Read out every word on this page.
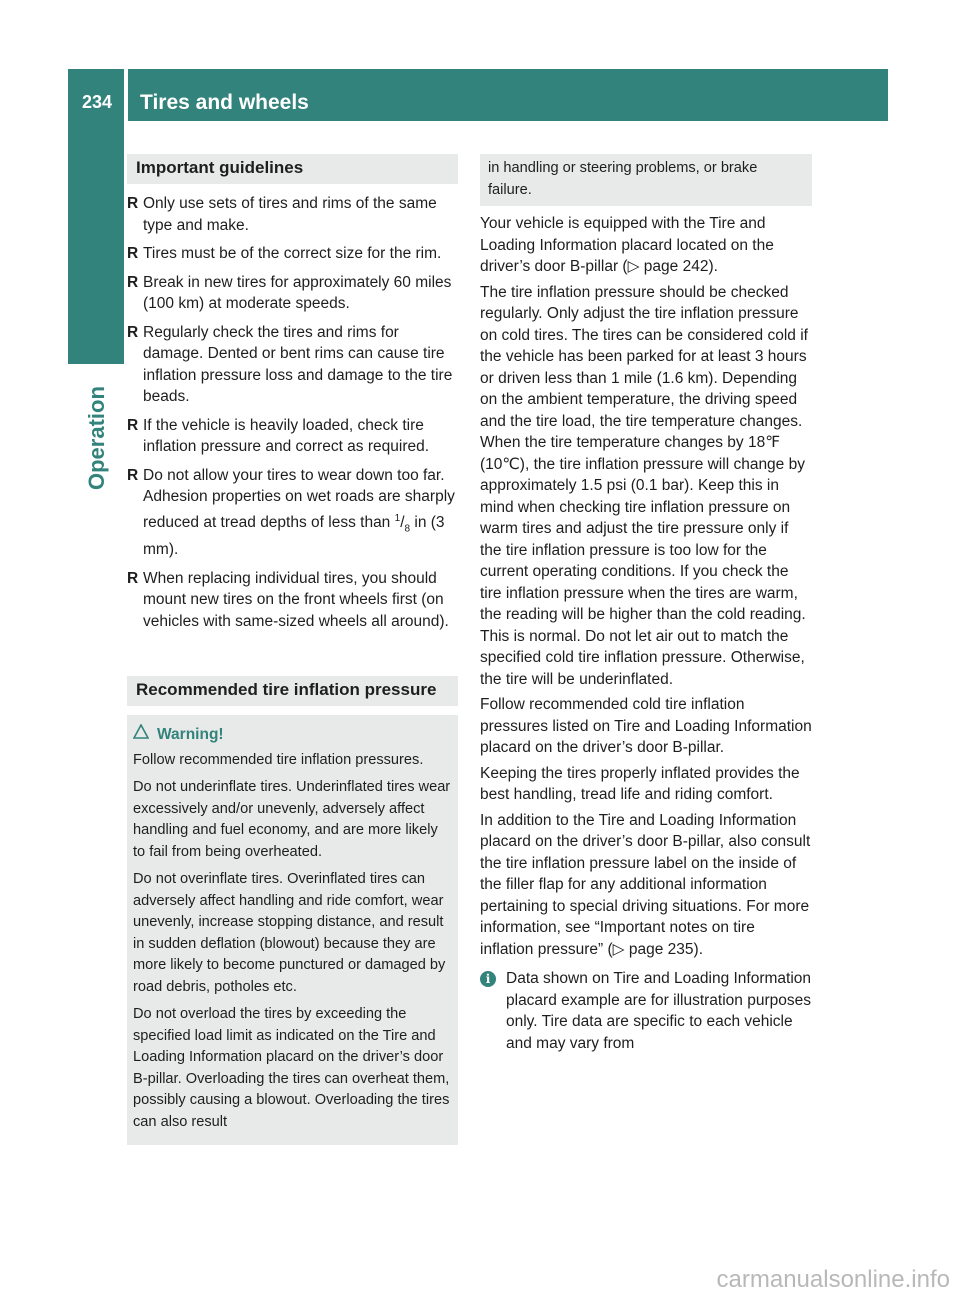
234 Tires and wheels
Operation
Important guidelines
R Only use sets of tires and rims of the same type and make.
R Tires must be of the correct size for the rim.
R Break in new tires for approximately 60 miles (100 km) at moderate speeds.
R Regularly check the tires and rims for damage. Dented or bent rims can cause tire inflation pressure loss and damage to the tire beads.
R If the vehicle is heavily loaded, check tire inflation pressure and correct as required.
R Do not allow your tires to wear down too far. Adhesion properties on wet roads are sharply reduced at tread depths of less than $^1/_8$ in (3 mm).
R When replacing individual tires, you should mount new tires on the front wheels first (on vehicles with same-sized wheels all around).
Recommended tire inflation pressure
Warning!

Follow recommended tire inflation pressures.

Do not underinflate tires. Underinflated tires wear excessively and/or unevenly, adversely affect handling and fuel economy, and are more likely to fail from being overheated.

Do not overinflate tires. Overinflated tires can adversely affect handling and ride comfort, wear unevenly, increase stopping distance, and result in sudden deflation (blowout) because they are more likely to become punctured or damaged by road debris, potholes etc.

Do not overload the tires by exceeding the specified load limit as indicated on the Tire and Loading Information placard on the driver’s door B-pillar. Overloading the tires can overheat them, possibly causing a blowout. Overloading the tires can also result

in handling or steering problems, or brake failure.

Your vehicle is equipped with the Tire and Loading Information placard located on the driver’s door B-pillar (▷ page 242).

The tire inflation pressure should be checked regularly. Only adjust the tire inflation pressure on cold tires. The tires can be considered cold if the vehicle has been parked for at least 3 hours or driven less than 1 mile (1.6 km). Depending on the ambient temperature, the driving speed and the tire load, the tire temperature changes. When the tire temperature changes by 18℉ (10℃), the tire inflation pressure will change by approximately 1.5 psi (0.1 bar). Keep this in mind when checking tire inflation pressure on warm tires and adjust the tire pressure only if the tire inflation pressure is too low for the current operating conditions. If you check the tire inflation pressure when the tires are warm, the reading will be higher than the cold reading. This is normal. Do not let air out to match the specified cold tire inflation pressure. Otherwise, the tire will be underinflated.

Follow recommended cold tire inflation pressures listed on Tire and Loading Information placard on the driver’s door B-pillar.

Keeping the tires properly inflated provides the best handling, tread life and riding comfort.

In addition to the Tire and Loading Information placard on the driver’s door B-pillar, also consult the tire inflation pressure label on the inside of the filler flap for any additional information pertaining to special driving situations. For more information, see “Important notes on tire inflation pressure” (▷ page 235).

i	Data shown on Tire and Loading Information placard example are for illustration purposes only. Tire data are specific to each vehicle and may vary from
carmanualsonline.info
